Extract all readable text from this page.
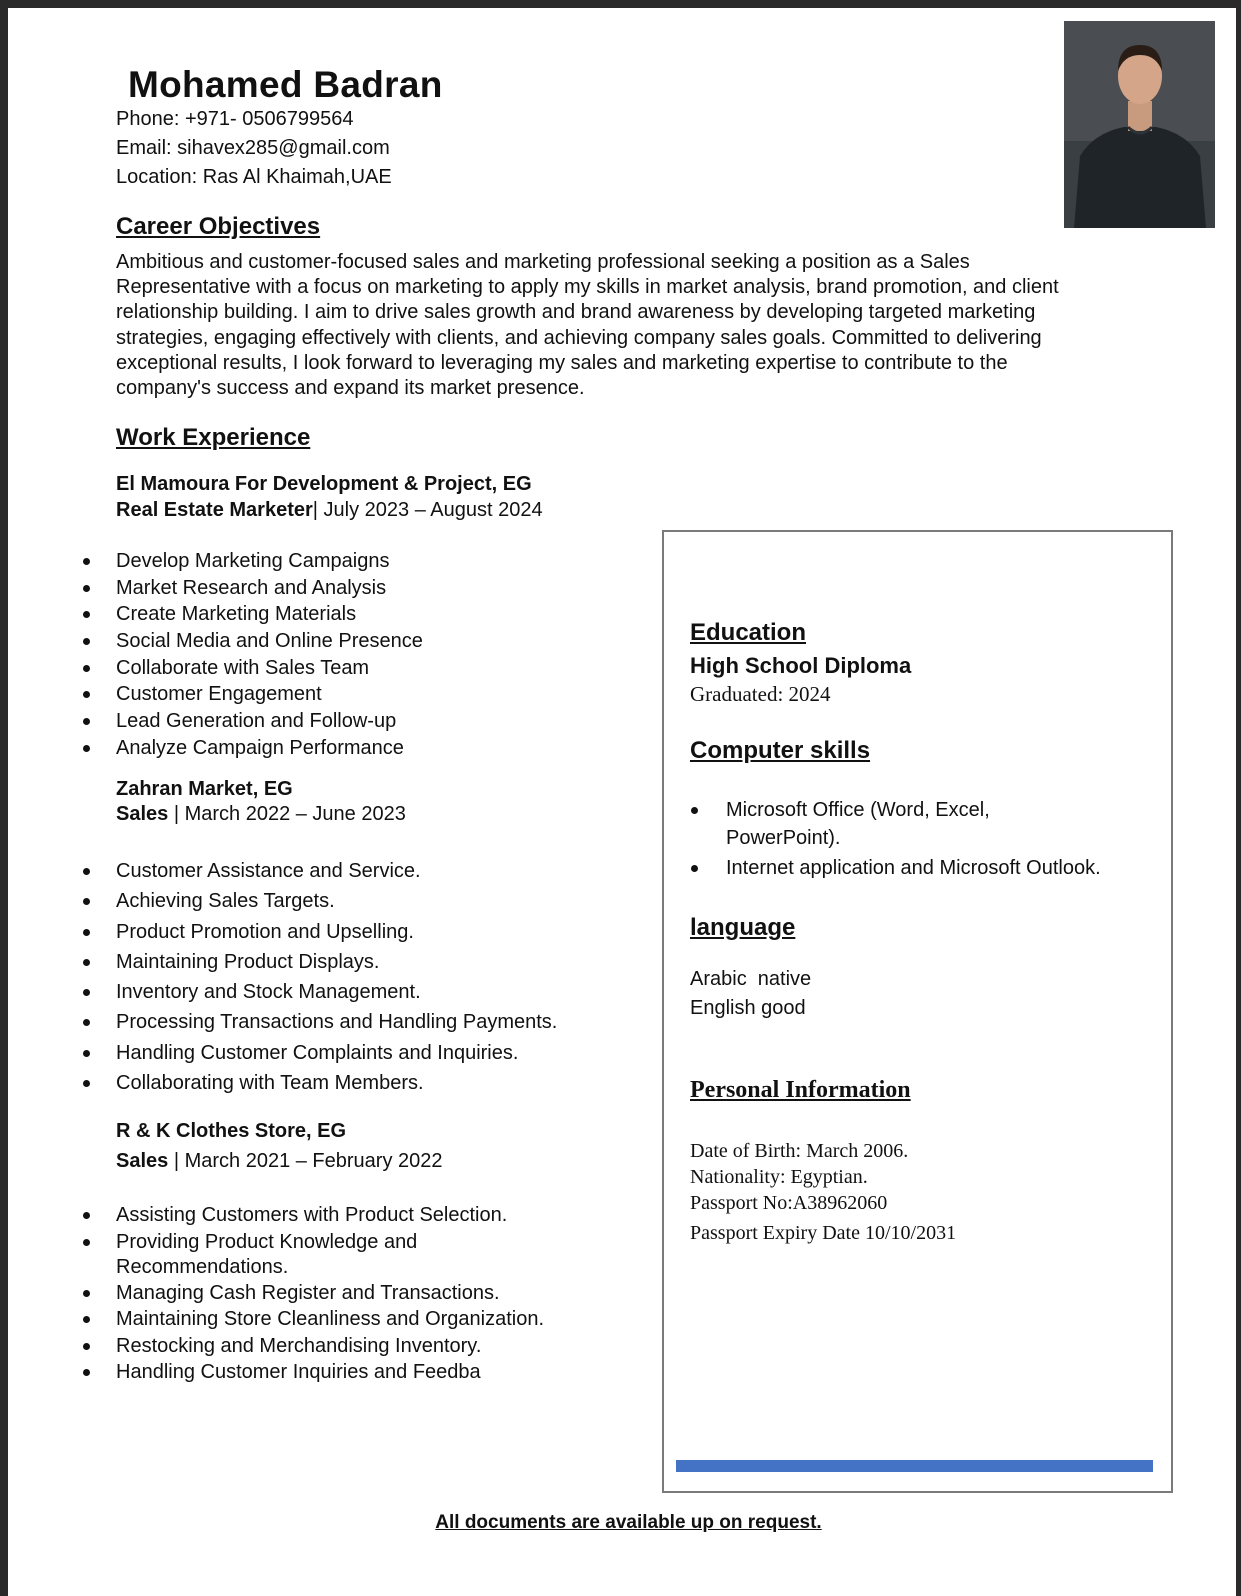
Mohamed Badran
Phone: +971- 0506799564
Email: sihavex285@gmail.com
Location: Ras Al Khaimah,UAE
Career Objectives
Ambitious and customer-focused sales and marketing professional seeking a position as a Sales
Representative with a focus on marketing to apply my skills in market analysis, brand promotion, and client
relationship building. I aim to drive sales growth and brand awareness by developing targeted marketing
strategies, engaging effectively with clients, and achieving company sales goals. Committed to delivering
exceptional results, I look forward to leveraging my sales and marketing expertise to contribute to the
company's success and expand its market presence.
Work Experience
El Mamoura For Development & Project, EG
Real Estate Marketer| July 2023 – August 2024
Develop Marketing Campaigns
Market Research and Analysis
Create Marketing Materials
Social Media and Online Presence
Collaborate with Sales Team
Customer Engagement
Lead Generation and Follow-up
Analyze Campaign Performance
Zahran Market, EG
Sales | March 2022 – June 2023
Customer Assistance and Service.
Achieving Sales Targets.
Product Promotion and Upselling.
Maintaining Product Displays.
Inventory and Stock Management.
Processing Transactions and Handling Payments.
Handling Customer Complaints and Inquiries.
Collaborating with Team Members.
R & K Clothes Store, EG
Sales | March 2021 – February 2022
Assisting Customers with Product Selection.
Providing Product Knowledge and Recommendations.
Managing Cash Register and Transactions.
Maintaining Store Cleanliness and Organization.
Restocking and Merchandising Inventory.
Handling Customer Inquiries and Feedba
Education
High School Diploma
Graduated: 2024
Computer skills
Microsoft Office (Word, Excel, PowerPoint).
Internet application and Microsoft Outlook.
language
Arabic  native
English good
Personal Information
Date of Birth: March 2006.
Nationality: Egyptian.
Passport No:A38962060
Passport Expiry Date 10/10/2031
All documents are available up on request.
